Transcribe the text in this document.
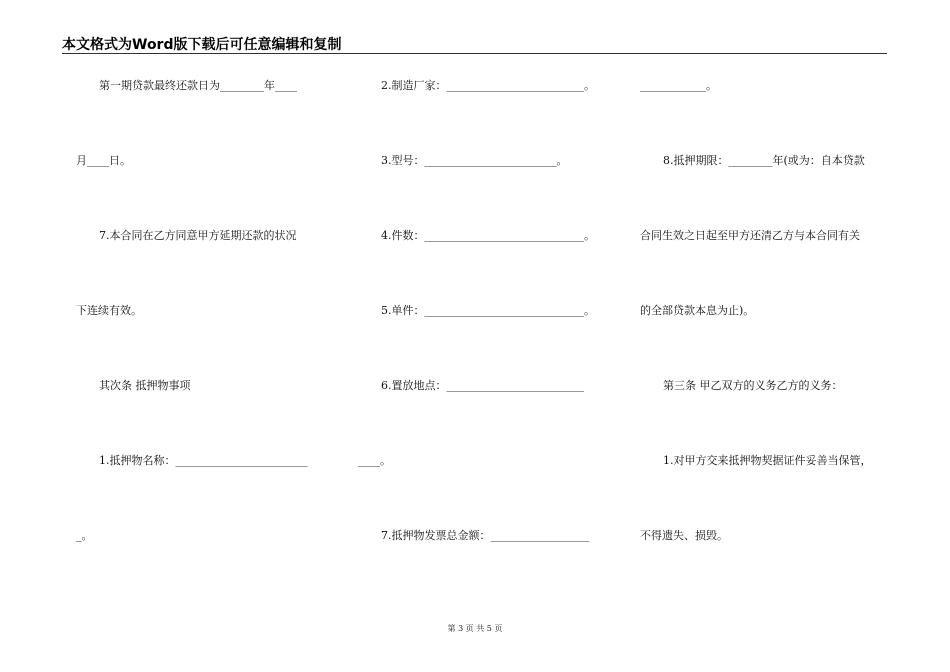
本文格式为Word版下载后可任意编辑和复制
第一期贷款最终还款日为________年____
月____日。
7.本合同在乙方同意甲方延期还款的状况
下连续有效。
其次条 抵押物事项
1.抵押物名称：________________________
_。
2.制造厂家：_________________________。
3.型号：________________________。
4.件数：_____________________________。
5.单件：_____________________________。
6.置放地点：_________________________
____。
7.抵押物发票总金额：__________________
____________。
8.抵押期限：________年(或为：自本贷款
合同生效之日起至甲方还清乙方与本合同有关
的全部贷款本息为止)。
第三条 甲乙双方的义务乙方的义务：
1.对甲方交来抵押物契据证件妥善当保管，
不得遗失、损毁。
第 3 页 共 5 页
